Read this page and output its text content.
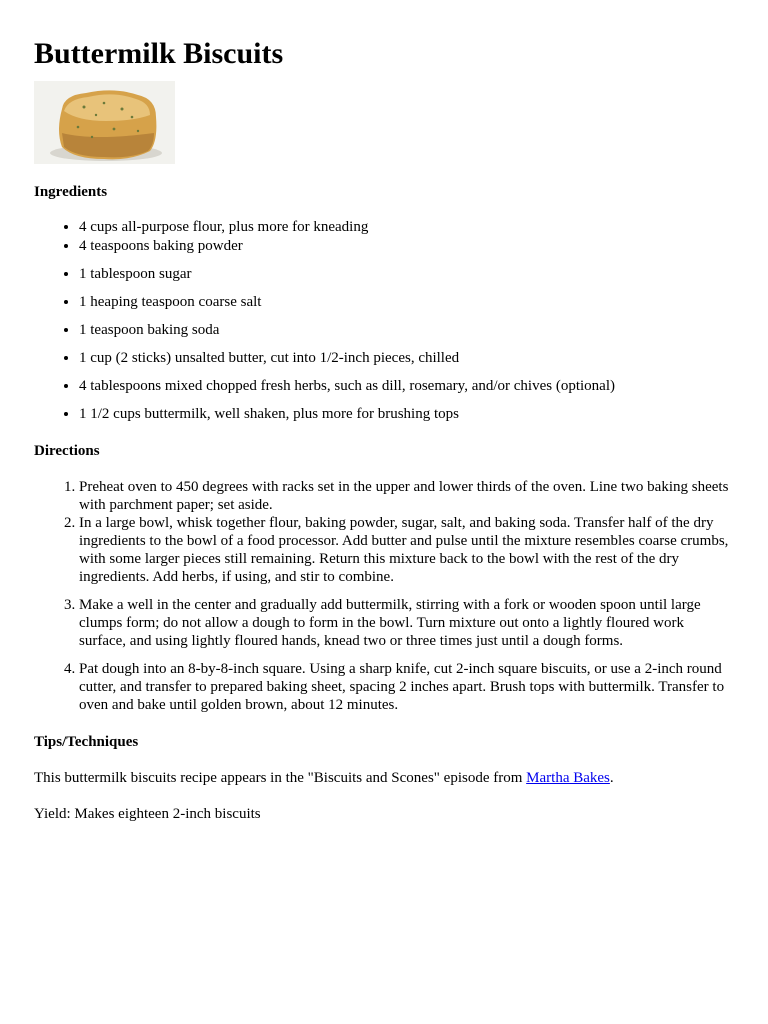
Buttermilk Biscuits
Ingredients
• 4 cups all-purpose flour, plus more for kneading
• 4 teaspoons baking powder
• 1 tablespoon sugar
• 1 heaping teaspoon coarse salt
• 1 teaspoon baking soda
• 1 cup (2 sticks) unsalted butter, cut into 1/2-inch pieces, chilled
• 4 tablespoons mixed chopped fresh herbs, such as dill, rosemary, and/or chives (optional)
• 1 1/2 cups buttermilk, well shaken, plus more for brushing tops
Directions
1. Preheat oven to 450 degrees with racks set in the upper and lower thirds of the oven. Line two baking sheets with parchment paper; set aside.
2. In a large bowl, whisk together flour, baking powder, sugar, salt, and baking soda. Transfer half of the dry ingredients to the bowl of a food processor. Add butter and pulse until the mixture resembles coarse crumbs, with some larger pieces still remaining. Return this mixture back to the bowl with the rest of the dry ingredients. Add herbs, if using, and stir to combine.
3. Make a well in the center and gradually add buttermilk, stirring with a fork or wooden spoon until large clumps form; do not allow a dough to form in the bowl. Turn mixture out onto a lightly floured work surface, and using lightly floured hands, knead two or three times just until a dough forms.
4. Pat dough into an 8-by-8-inch square. Using a sharp knife, cut 2-inch square biscuits, or use a 2-inch round cutter, and transfer to prepared baking sheet, spacing 2 inches apart. Brush tops with buttermilk. Transfer to oven and bake until golden brown, about 12 minutes.
Tips/Techniques

This buttermilk biscuits recipe appears in the "Biscuits and Scones" episode from Martha Bakes.

Yield: Makes eighteen 2-inch biscuits
